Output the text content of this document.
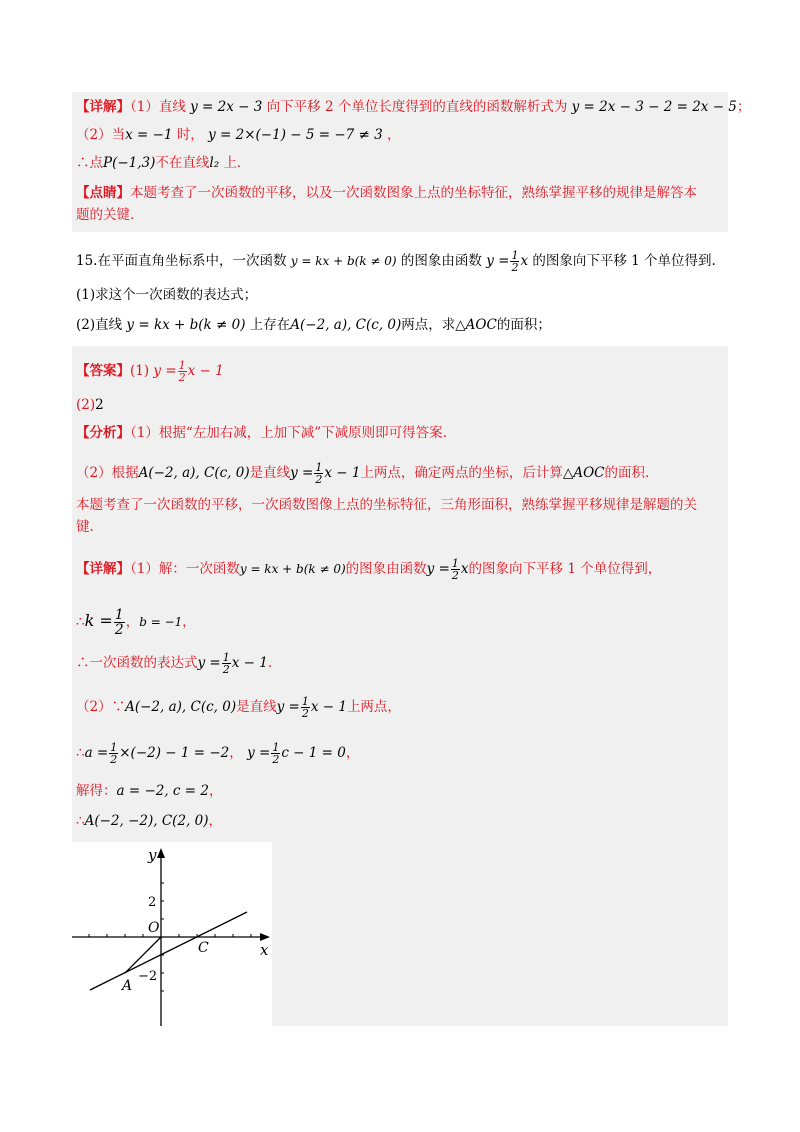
【详解】（1）直线 y = 2x − 3 向下平移 2 个单位长度得到的直线的函数解析式为 y = 2x − 3 − 2 = 2x − 5；
（2）当x = −1 时， y = 2×(−1) − 5 = −7 ≠ 3 ，
∴点P(−1,3)不在直线l₂ 上．
【点睛】本题考查了一次函数的平移，以及一次函数图象上点的坐标特征，熟练掌握平移的规律是解答本
题的关键．
15.在平面直角坐标系中，一次函数 y = kx + b(k ≠ 0) 的图象由函数 $y = \frac{1}{2}$ x 的图象向下平移 1 个单位得到.
(1)求这个一次函数的表达式；
(2)直线 y = kx + b(k ≠ 0) 上存在A(−2, a), C(c, 0)两点，求△AOC的面积；
【答案】(1) $y = \frac{1}{2}$ x − 1
(2)2
【分析】（1）根据“左加右减，上加下减”下减原则即可得答案.
（2）根据A(−2, a), C(c, 0)是直线$y = \frac{1}{2}$ x − 1上两点，确定两点的坐标，后计算△AOC的面积.
本题考查了一次函数的平移，一次函数图像上点的坐标特征，三角形面积，熟练掌握平移规律是解题的关
键.
【详解】（1）解：一次函数y = kx + b(k ≠ 0)的图象由函数$y = \frac{1}{2}$ x的图象向下平移 1 个单位得到，
∴k = $\frac{1}{2}$ ，b = −1，
∴一次函数的表达式$y = \frac{1}{2}$ x − 1.
（2）∵A(−2, a), C(c, 0)是直线$y = \frac{1}{2}$ x − 1上两点，
∴a = $\frac{1}{2} \times(-2) - 1 = -2$， $y = \frac{1}{2}$ c − 1 = 0，
解得：a = −2, c = 2，
∴A(−2, −2), C(2, 0)，
y
x
2
−2
O
A
C
